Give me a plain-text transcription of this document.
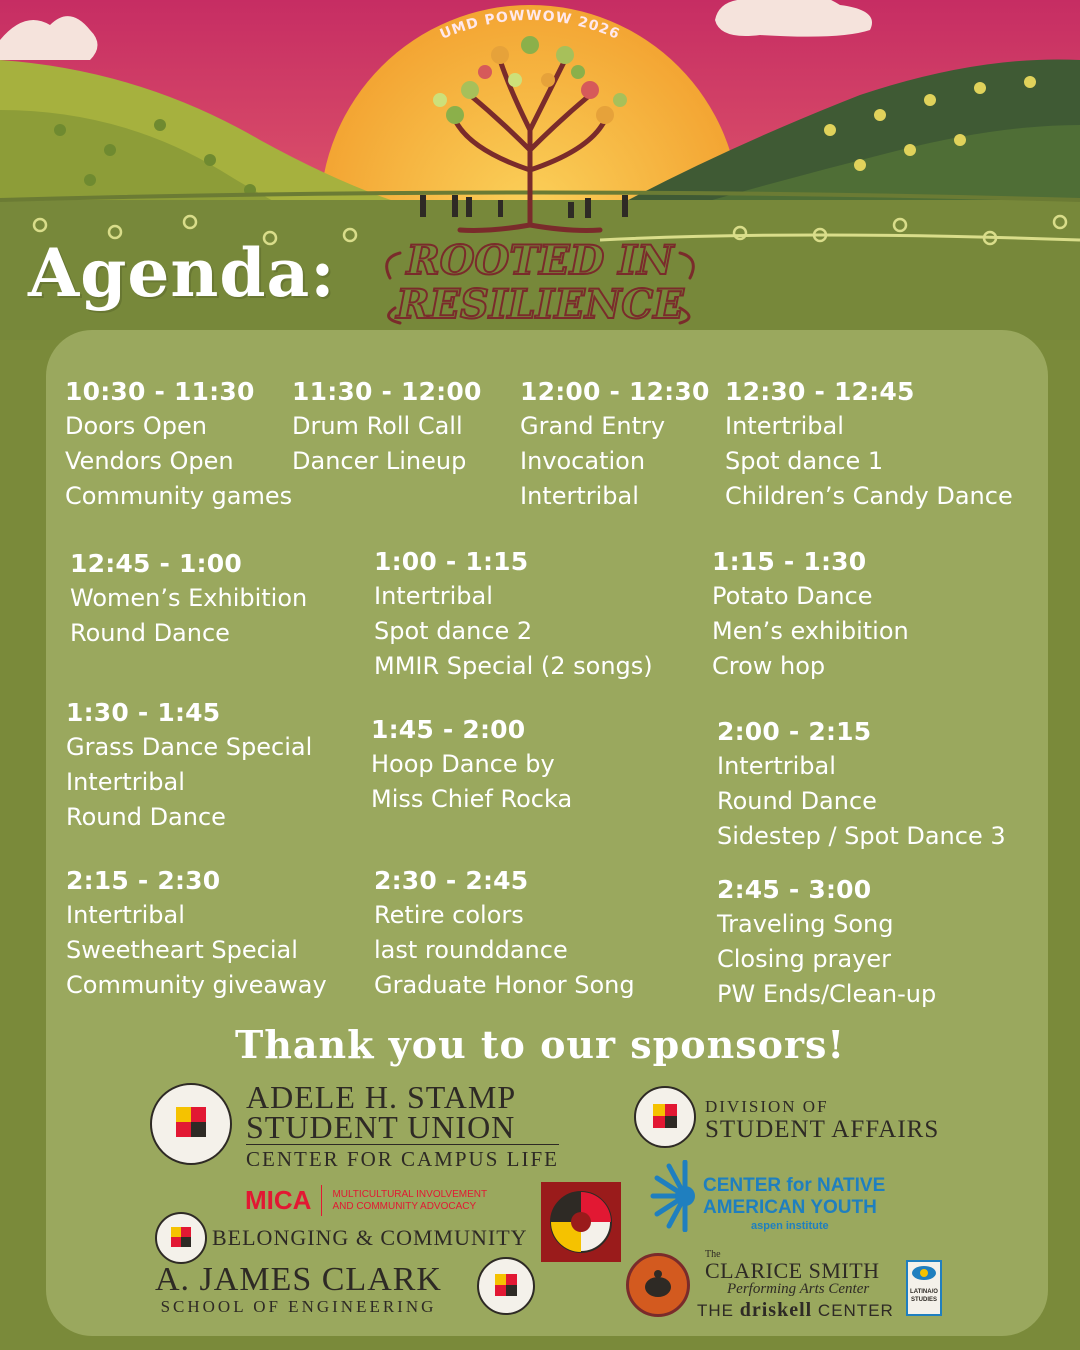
UMD POWWOW 2026
Agenda: ROOTED IN
RESILIENCE
10:30 - 11:30
Doors Open
Vendors Open
Community games
11:30 - 12:00
Drum Roll Call
Dancer Lineup
12:00 - 12:30
Grand Entry
Invocation
Intertribal
12:30 - 12:45
Intertribal
Spot dance 1
Children’s Candy Dance
12:45 - 1:00
Women’s Exhibition
Round Dance
1:00 - 1:15
Intertribal
Spot dance 2
MMIR Special (2 songs)
1:15 - 1:30
Potato Dance
Men’s exhibition
Crow hop
1:30 - 1:45
Grass Dance Special
Intertribal
Round Dance
1:45 - 2:00
Hoop Dance by
Miss Chief Rocka
2:00 - 2:15
Intertribal
Round Dance
Sidestep / Spot Dance 3
2:15 - 2:30
Intertribal
Sweetheart Special
Community giveaway
2:30 - 2:45
Retire colors
last rounddance
Graduate Honor Song
2:45 - 3:00
Traveling Song
Closing prayer
PW Ends/Clean-up
Thank you to our sponsors!
ADELE H. STAMP
STUDENT UNION
CENTER FOR CAMPUS LIFE
MICA	MULTICULTURAL INVOLVEMENT
AND COMMUNITY ADVOCACY
BELONGING & COMMUNITY
A. JAMES CLARK
SCHOOL OF ENGINEERING
DIVISION OF
STUDENT AFFAIRS
CENTER for NATIVE
AMERICAN YOUTH
aspen institute
The
CLARICE SMITH
Performing Arts Center
THE driskell CENTER
LATINA/O
STUDIES
